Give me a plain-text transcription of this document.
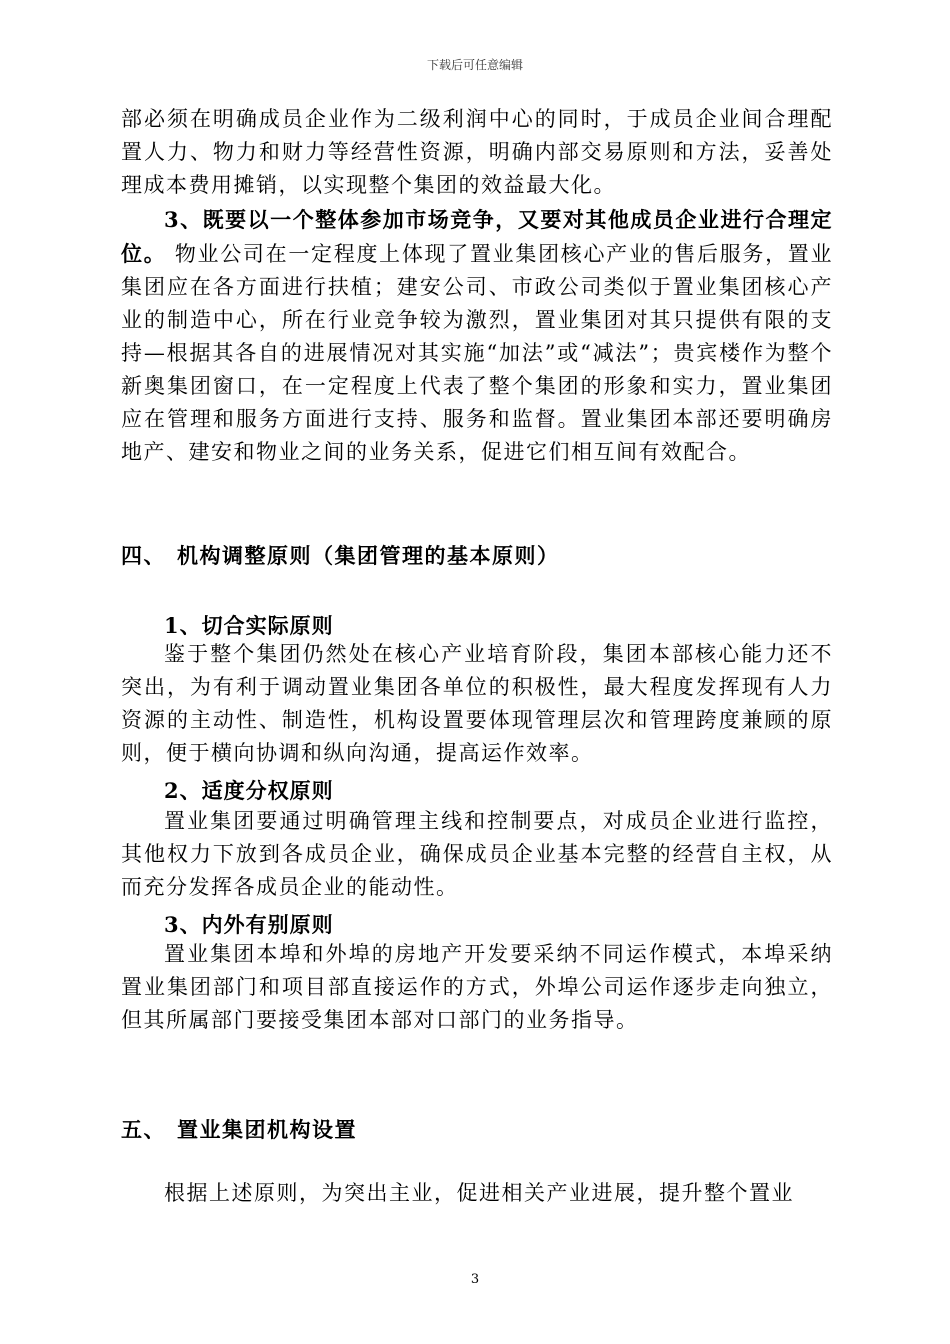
下载后可任意编辑

部必须在明确成员企业作为二级利润中心的同时，于成员企业间合理配置人力、物力和财力等经营性资源，明确内部交易原则和方法，妥善处理成本费用摊销，以实现整个集团的效益最大化。

3、既要以一个整体参加市场竞争，又要对其他成员企业进行合理定位。 物业公司在一定程度上体现了置业集团核心产业的售后服务，置业集团应在各方面进行扶植；建安公司、市政公司类似于置业集团核心产业的制造中心，所在行业竞争较为激烈，置业集团对其只提供有限的支持—根据其各自的进展情况对其实施“加法”或“减法”；贵宾楼作为整个新奥集团窗口，在一定程度上代表了整个集团的形象和实力，置业集团应在管理和服务方面进行支持、服务和监督。置业集团本部还要明确房地产、建安和物业之间的业务关系，促进它们相互间有效配合。

四、 机构调整原则（集团管理的基本原则）
1、切合实际原则

鉴于整个集团仍然处在核心产业培育阶段，集团本部核心能力还不突出，为有利于调动置业集团各单位的积极性，最大程度发挥现有人力资源的主动性、制造性，机构设置要体现管理层次和管理跨度兼顾的原则，便于横向协调和纵向沟通，提高运作效率。

2、适度分权原则

置业集团要通过明确管理主线和控制要点，对成员企业进行监控，其他权力下放到各成员企业，确保成员企业基本完整的经营自主权，从而充分发挥各成员企业的能动性。

3、内外有别原则

置业集团本埠和外埠的房地产开发要采纳不同运作模式，本埠采纳置业集团部门和项目部直接运作的方式，外埠公司运作逐步走向独立，但其所属部门要接受集团本部对口部门的业务指导。

五、 置业集团机构设置

根据上述原则，为突出主业，促进相关产业进展，提升整个置业

3
